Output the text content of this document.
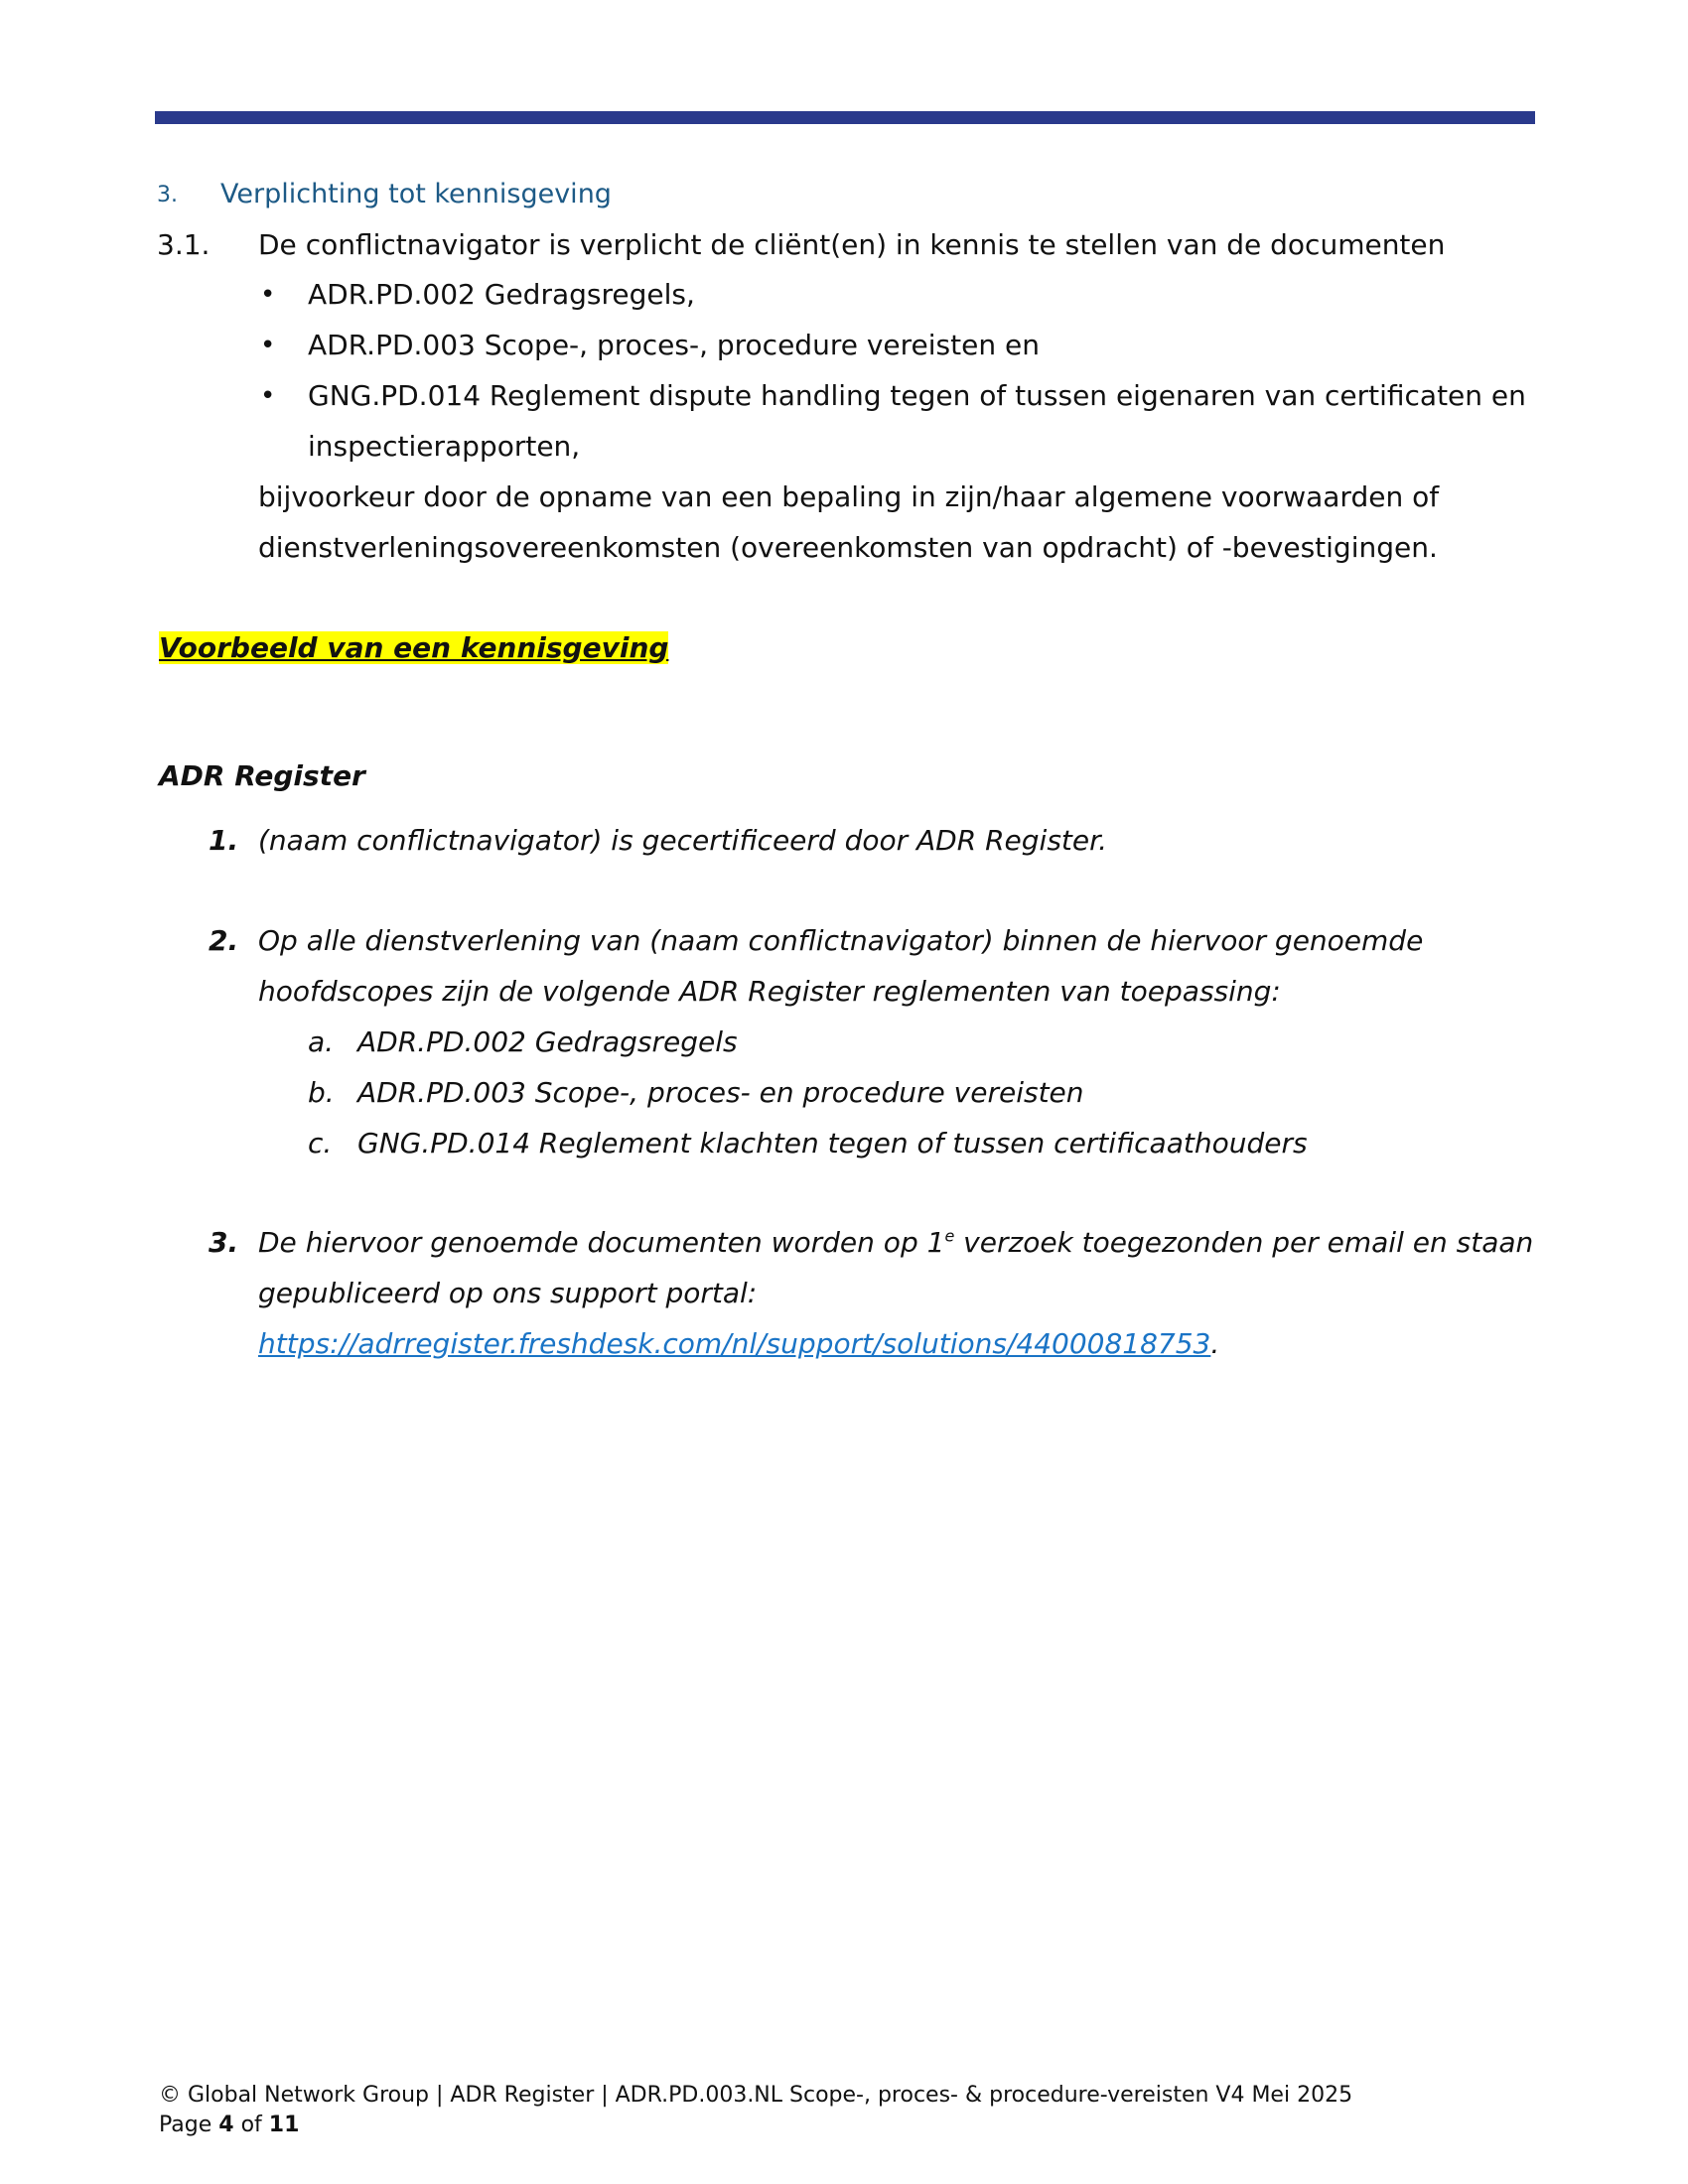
3. Verplichting tot kennisgeving
3.1. De conflictnavigator is verplicht de cliënt(en) in kennis te stellen van de documenten
• ADR.PD.002 Gedragsregels,
• ADR.PD.003 Scope-, proces-, procedure vereisten en
• GNG.PD.014 Reglement dispute handling tegen of tussen eigenaren van certificaten en
inspectierapporten,
bijvoorkeur door de opname van een bepaling in zijn/haar algemene voorwaarden of
dienstverleningsovereenkomsten (overeenkomsten van opdracht) of -bevestigingen.
Voorbeeld van een kennisgeving
ADR Register
1. (naam conflictnavigator) is gecertificeerd door ADR Register.
2. Op alle dienstverlening van (naam conflictnavigator) binnen de hiervoor genoemde
hoofdscopes zijn de volgende ADR Register reglementen van toepassing:
a. ADR.PD.002 Gedragsregels
b. ADR.PD.003 Scope-, proces- en procedure vereisten
c. GNG.PD.014 Reglement klachten tegen of tussen certificaathouders
3. De hiervoor genoemde documenten worden op 1e verzoek toegezonden per email en staan
gepubliceerd op ons support portal:
https://adrregister.freshdesk.com/nl/support/solutions/44000818753.
© Global Network Group | ADR Register | ADR.PD.003.NL Scope-, proces- & procedure-vereisten V4 Mei 2025
Page 4 of 11
